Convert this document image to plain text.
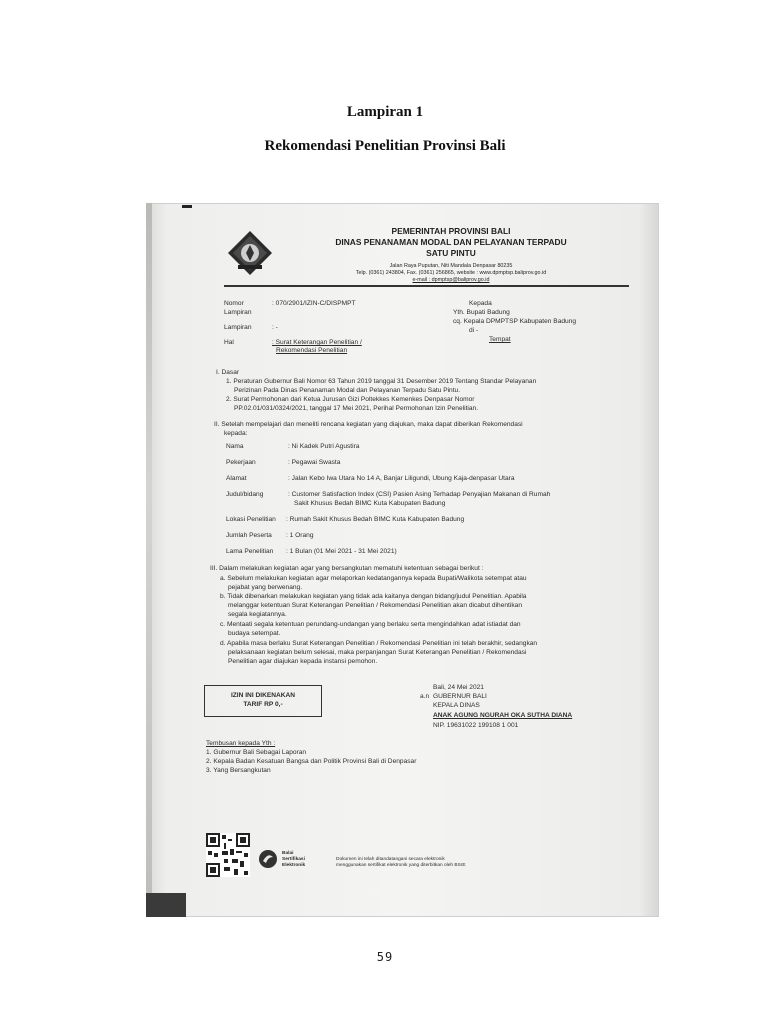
Lampiran 1
Rekomendasi Penelitian Provinsi Bali
PEMERINTAH PROVINSI BALI
DINAS PENANAMAN MODAL DAN PELAYANAN TERPADU
SATU PINTU
Jalan Raya Puputan, Niti Mandala Denpasar 80235
Telp. (0361) 243804, Fax. (0361) 256865, website : www.dpmptsp.baliprov.go.id
e-mail : dpmptsp@baliprov.go.id
Nomor	: 070/2901/IZIN-C/DISPMPT
Lampiran
Lampiran	: -
Hal	: Surat Keterangan Penelitian /
Rekomendasi Penelitian
Kepada
Yth. Bupati Badung
cq. Kepala DPMPTSP Kabupaten Badung
di -
Tempat
I. Dasar
1. Peraturan Gubernur Bali Nomor 63 Tahun 2019 tanggal 31 Desember 2019 Tentang Standar Pelayanan
Perizinan Pada Dinas Penanaman Modal dan Pelayanan Terpadu Satu Pintu.
2. Surat Permohonan dari Ketua Jurusan Gizi Poltekkes Kemenkes Denpasar Nomor
PP.02.01/031/0324/2021, tanggal 17 Mei 2021, Perihal Permohonan Izin Penelitian.
II. Setelah mempelajari dan meneliti rencana kegiatan yang diajukan, maka dapat diberikan Rekomendasi
kepada:
Nama	: Ni Kadek Putri Agustira
Pekerjaan	: Pegawai Swasta
Alamat	: Jalan Kebo Iwa Utara No 14 A, Banjar Liligundi, Ubung Kaja-denpasar Utara
Judul/bidang	: Customer Satisfaction Index (CSI) Pasien Asing Terhadap Penyajian Makanan di Rumah
Sakit Khusus Bedah BIMC Kuta Kabupaten Badung
Lokasi Penelitian : Rumah Sakit Khusus Bedah BIMC Kuta Kabupaten Badung
Jumlah Peserta : 1 Orang
Lama Penelitian : 1 Bulan (01 Mei 2021 - 31 Mei 2021)
III. Dalam melakukan kegiatan agar yang bersangkutan mematuhi ketentuan sebagai berikut :
a. Sebelum melakukan kegiatan agar melaporkan kedatangannya kepada Bupati/Walikota setempat atau
pejabat yang berwenang.
b. Tidak dibenarkan melakukan kegiatan yang tidak ada kaitanya dengan bidang/judul Penelitian. Apabila
melanggar ketentuan Surat Keterangan Penelitian / Rekomendasi Penelitian akan dicabut dihentikan
segala kegiatannya.
c. Mentaati segala ketentuan perundang-undangan yang berlaku serta mengindahkan adat istiadat dan
budaya setempat.
d. Apabila masa berlaku Surat Keterangan Penelitian / Rekomendasi Penelitian ini telah berakhir, sedangkan
pelaksanaan kegiatan belum selesai, maka perpanjangan Surat Keterangan Penelitian / Rekomendasi
Penelitian agar diajukan kepada instansi pemohon.
IZIN INI DIKENAKAN
TARIF RP 0,-
Bali, 24 Mei 2021
a.n GUBERNUR BALI
KEPALA DINAS
ANAK AGUNG NGURAH OKA SUTHA DIANA
NIP. 19631022 199108 1 001
Tembusan kepada Yth :
1. Gubernur Bali Sebagai Laporan
2. Kepala Badan Kesatuan Bangsa dan Politik Provinsi Bali di Denpasar
3. Yang Bersangkutan
Balai
Sertifikasi
Elektronik
Dokumen ini telah ditandatangani secara elektronik
menggunakan sertifikat elektronik yang diterbitkan oleh BSrE
59
